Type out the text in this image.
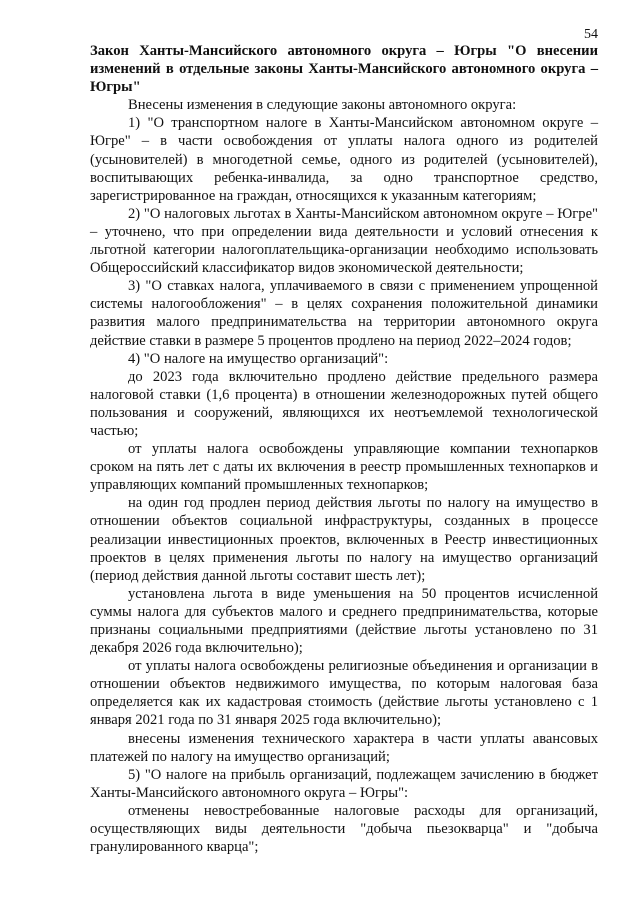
54

Закон Ханты-Мансийского автономного округа – Югры "О внесении изменений в отдельные законы Ханты-Мансийского автономного округа – Югры"

Внесены изменения в следующие законы автономного округа:

1) "О транспортном налоге в Ханты-Мансийском автономном округе – Югре" – в части освобождения от уплаты налога одного из родителей (усыновителей) в многодетной семье, одного из родителей (усыновителей), воспитывающих ребенка-инвалида, за одно транспортное средство, зарегистрированное на граждан, относящихся к указанным категориям;

2) "О налоговых льготах в Ханты-Мансийском автономном округе – Югре" – уточнено, что при определении вида деятельности и условий отнесения к льготной категории налогоплательщика-организации необходимо использовать Общероссийский классификатор видов экономической деятельности;

3) "О ставках налога, уплачиваемого в связи с применением упрощенной системы налогообложения" – в целях сохранения положительной динамики развития малого предпринимательства на территории автономного округа действие ставки в размере 5 процентов продлено на период 2022–2024 годов;

4) "О налоге на имущество организаций":

до 2023 года включительно продлено действие предельного размера налоговой ставки (1,6 процента) в отношении железнодорожных путей общего пользования и сооружений, являющихся их неотъемлемой технологической частью;

от уплаты налога освобождены управляющие компании технопарков сроком на пять лет с даты их включения в реестр промышленных технопарков и управляющих компаний промышленных технопарков;

на один год продлен период действия льготы по налогу на имущество в отношении объектов социальной инфраструктуры, созданных в процессе реализации инвестиционных проектов, включенных в Реестр инвестиционных проектов в целях применения льготы по налогу на имущество организаций (период действия данной льготы составит шесть лет);

установлена льгота в виде уменьшения на 50 процентов исчисленной суммы налога для субъектов малого и среднего предпринимательства, которые признаны социальными предприятиями (действие льготы установлено по 31 декабря 2026 года включительно);

от уплаты налога освобождены религиозные объединения и организации в отношении объектов недвижимого имущества, по которым налоговая база определяется как их кадастровая стоимость (действие льготы установлено с 1 января 2021 года по 31 января 2025 года включительно);

внесены изменения технического характера в части уплаты авансовых платежей по налогу на имущество организаций;

5) "О налоге на прибыль организаций, подлежащем зачислению в бюджет Ханты-Мансийского автономного округа – Югры":

отменены невостребованные налоговые расходы для организаций, осуществляющих виды деятельности "добыча пьезокварца" и "добыча гранулированного кварца";
